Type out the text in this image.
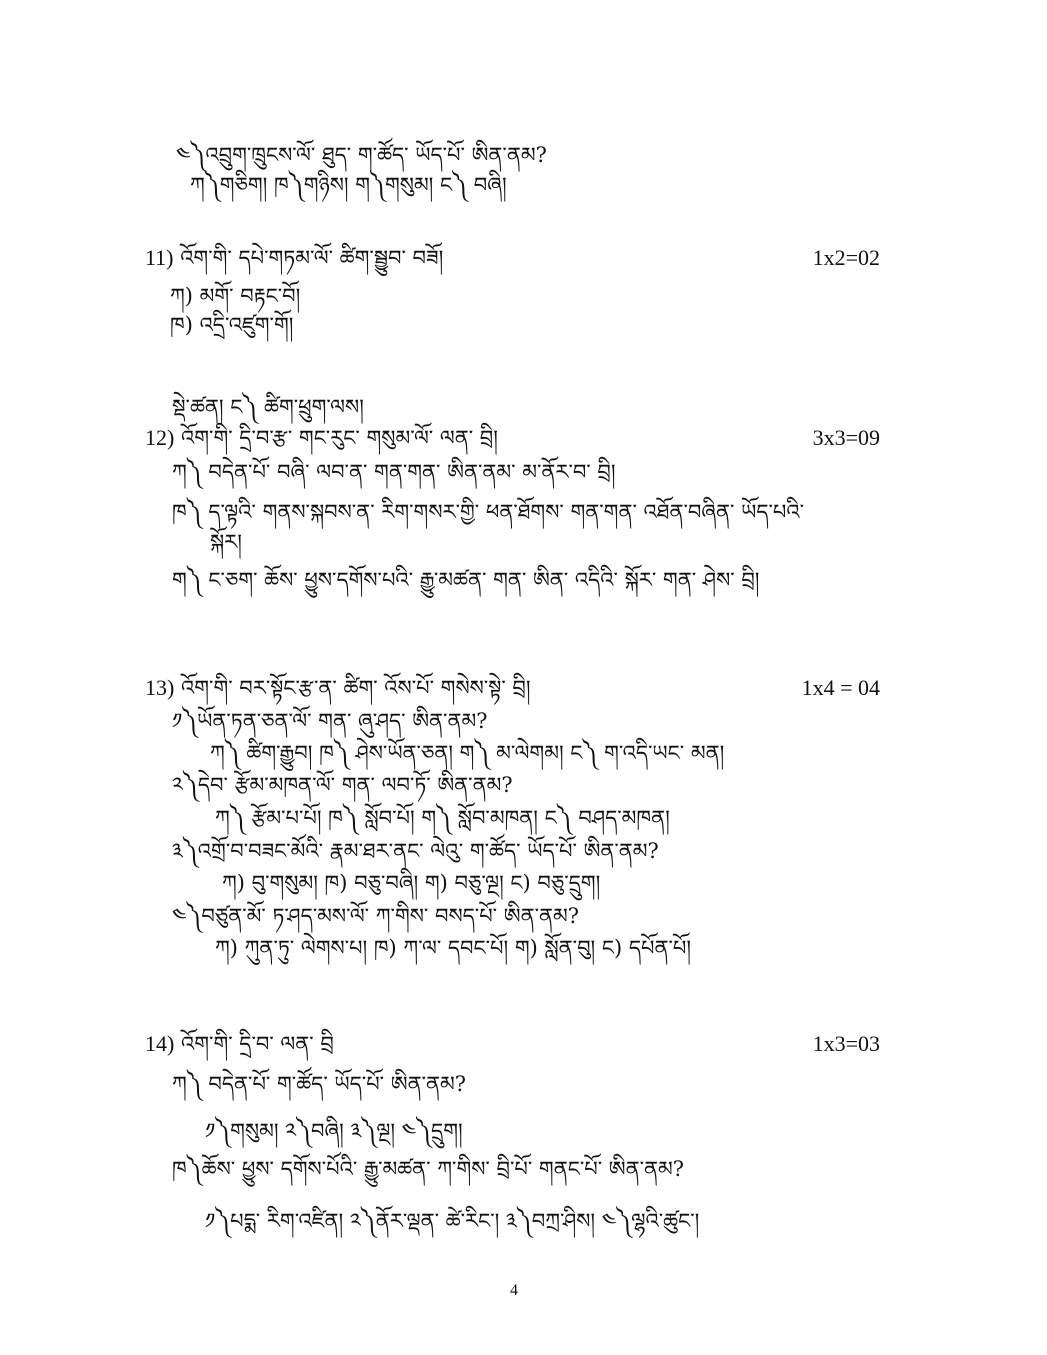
༤༽འབྲུག་ཁྲུངས་ལོ་ ཐུད་ ག་ཚོད་ ཡོད་པོ་ ཨིན་ནམ?
ཀ༽གཅིག། ཁ༽གཉིས། ག༽གསུམ། ང༽ བཞི།
11) འོག་གི་ དཔེ་གཏམ་ལོ་ ཚིག་སྦྱུབ་ བཟོ།	1x2=02
ཀ) མགོ་ བརྟང་བོ།
ཁ) འདྲི་འཛུག་གོ།
སྡེ་ཚན། ང༽ ཚིག་ཕྲུག་ལས།
12) འོག་གི་ དྲི་བ་རྩ་ གང་རུང་ གསུམ་ལོ་ ལན་ བྲི།	3x3=09
ཀ༽ བདེན་པོ་ བཞི་ ལབ་ན་ གན་གན་ ཨིན་ནམ་ མ་ནོར་བ་ བྲི།
ཁ༽ ད་ལྟའི་ གནས་སྐབས་ན་ རིག་གསར་གྱི་ ཕན་ཐོགས་ གན་གན་ འཐོན་བཞིན་ ཡོད་པའི་
སྐོར།
ག༽ ང་ཅག་ ཆོས་ ཕྱུས་དགོས་པའི་ རྒྱུ་མཚན་ གན་ ཨིན་ འདིའི་ སྐོར་ གན་ ཤེས་ བྲི།
13) འོག་གི་ བར་སྟོང་རྩ་ན་ ཚིག་ འོས་པོ་ གསེས་སྟེ་ བྲི།	1x4 = 04
༡༽ཡོན་ཏན་ཅན་ལོ་ གན་ ཞུ་ཤད་ ཨིན་ནམ?
ཀ༽ ཚིག་རྒྱུབ། ཁ༽ ཤེས་ཡོན་ཅན། ག༽ མ་ལེགམ། ང༽ ག་འདི་ཡང་ མན།
༢༽དེབ་ རྩོམ་མཁན་ལོ་ གན་ ལབ་ཏོ་ ཨིན་ནམ?
ཀ༽ རྩོམ་པ་པོ། ཁ༽ སློབ་པོ། ག༽ སློབ་མཁན། ང༽ བཤད་མཁན།
༣༽འགྲོ་བ་བཟང་མོའི་ རྣམ་ཐར་ནང་ ལེའུ་ ག་ཚོད་ ཡོད་པོ་ ཨིན་ནམ?
ཀ) བུ་གསུམ། ཁ) བཅུ་བཞི། ག) བཅུ་ལྔ། ང) བཅུ་དྲུག།
༤༽བཙུན་མོ་ ཏ་ཤད་མས་ལོ་ ཀ་གིས་ བསད་པོ་ ཨིན་ནམ?
ཀ) ཀུན་ཏུ་ ལེགས་པ། ཁ) ཀ་ལ་ དབང་པོ། ག) སློན་བུ། ང) དཔོན་པོ།
14) འོག་གི་ དྲི་བ་ ལན་ བྲི	1x3=03
ཀ༽ བདེན་པོ་ ག་ཚོད་ ཡོད་པོ་ ཨིན་ནམ?
༡༽གསུམ། ༢༽བཞི། ༣༽ལྔ། ༤༽དྲུག།
ཁ༽ཆོས་ ཕྱུས་ དགོས་པོའི་ རྒྱུ་མཚན་ ཀ་གིས་ བྲི་པོ་ གནང་པོ་ ཨིན་ནམ?
༡༽པདྨ་ རིག་འཛིན། ༢༽ནོར་ལྡན་ ཚེ་རིང་། ༣༽བཀྲ་ཤིས། ༤༽ལྷའི་ཚུང་།
4
